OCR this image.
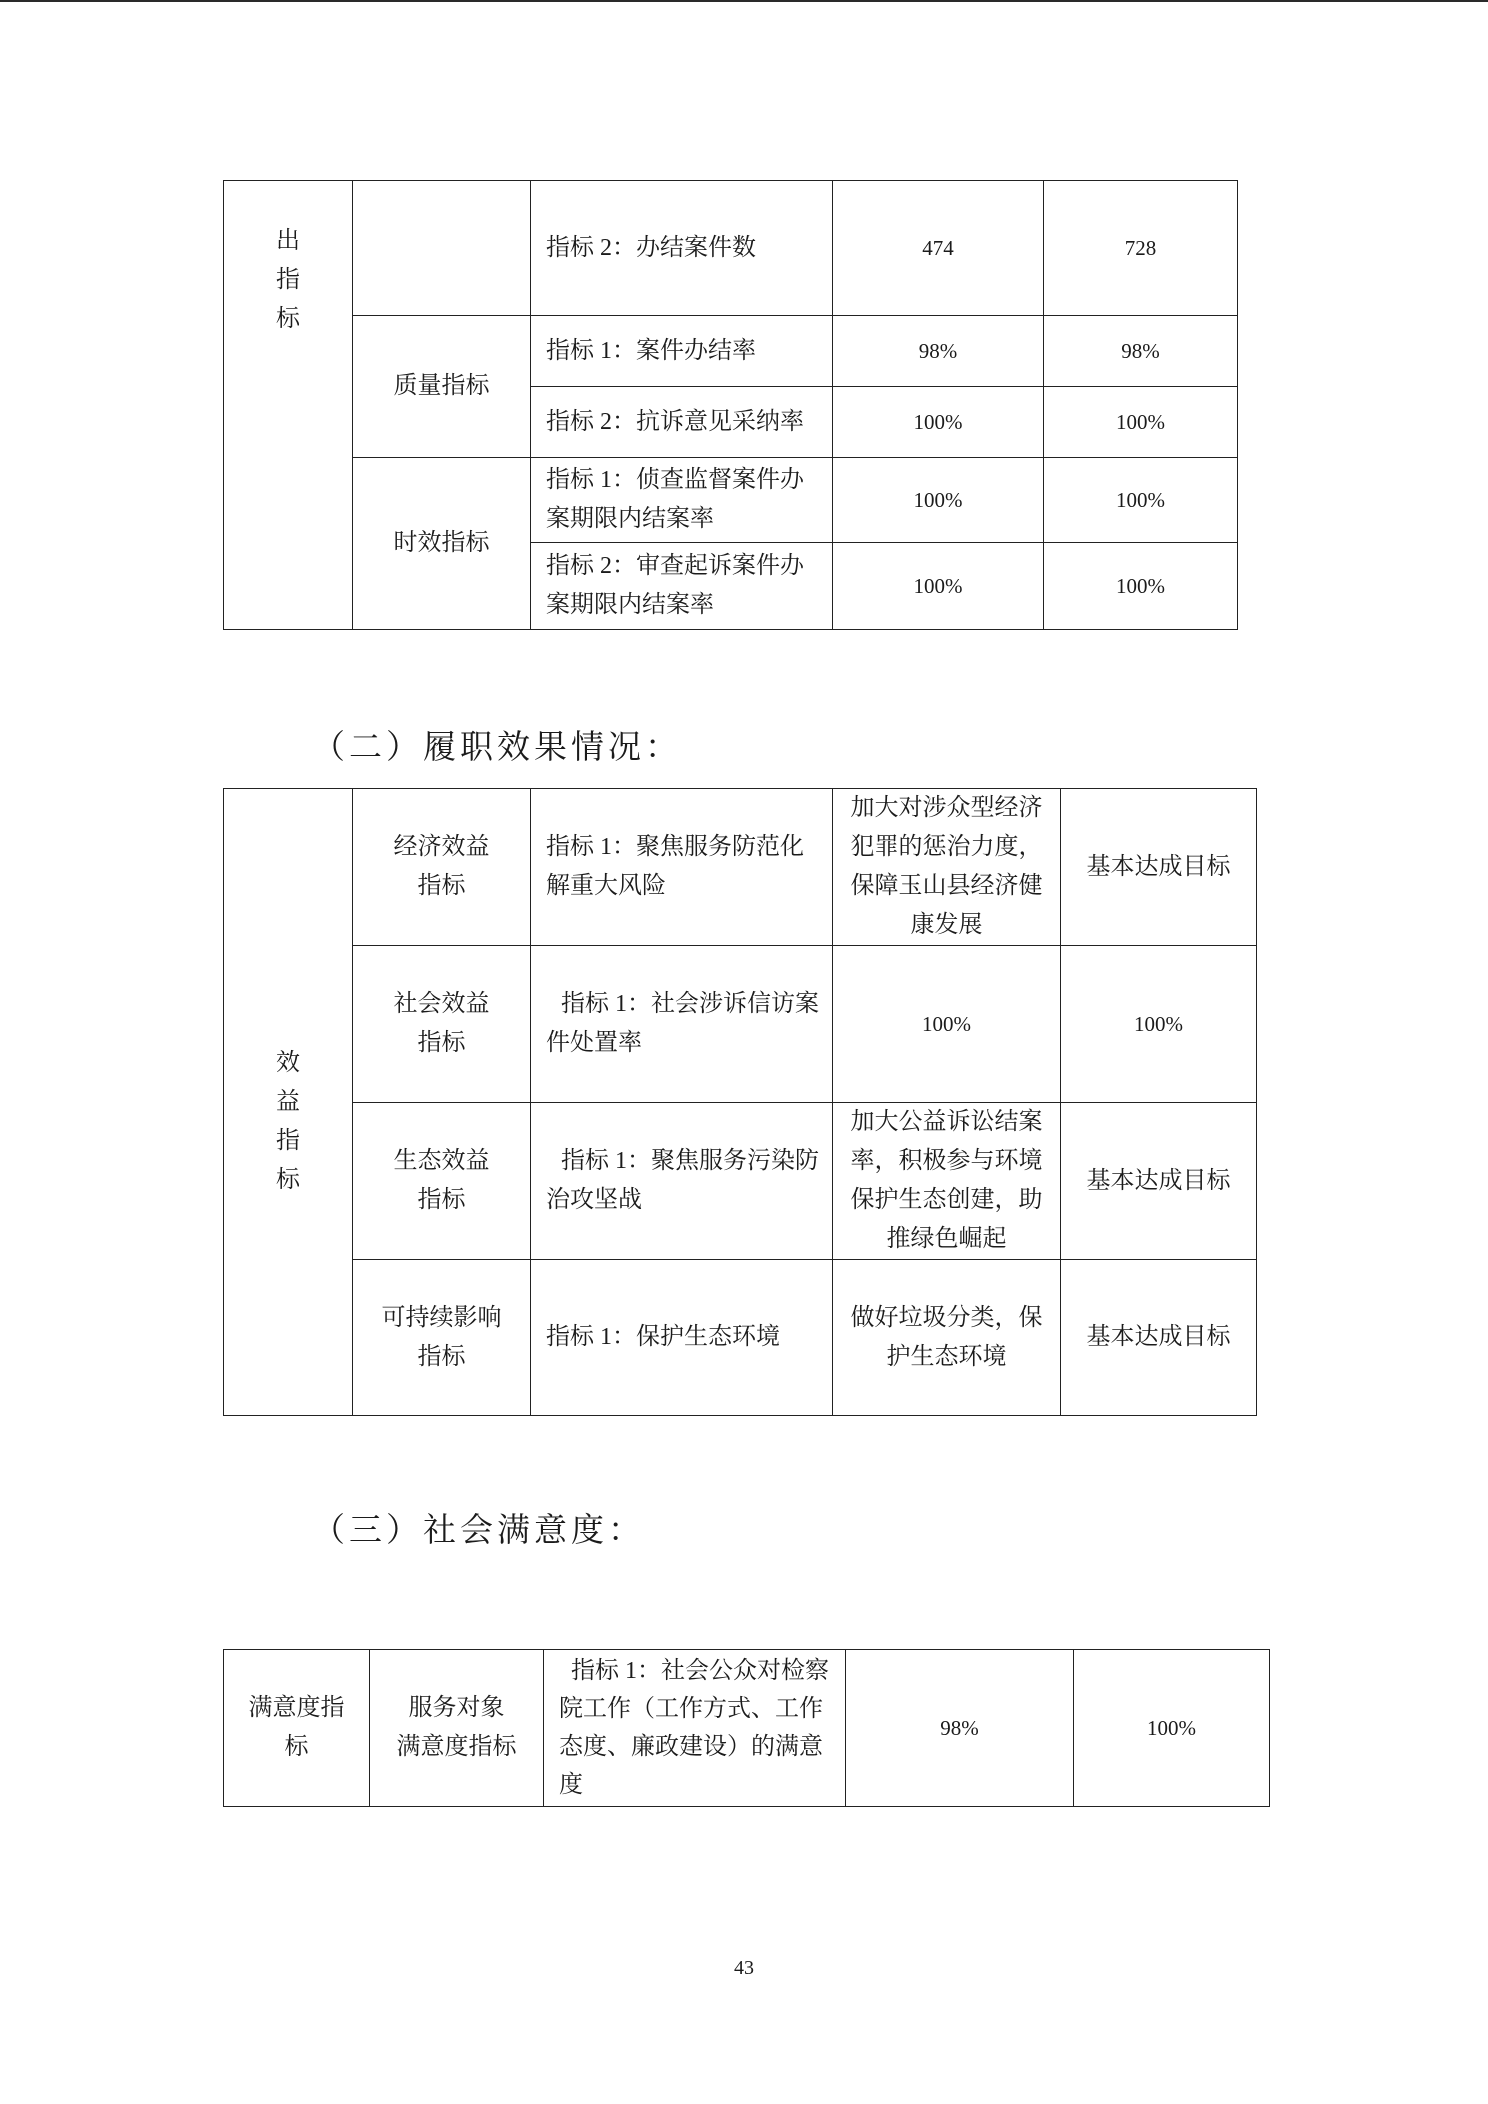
出指标		指标 2：办结案件数	474	728
	质量指标	指标 1：案件办结率	98%	98%
		指标 2：抗诉意见采纳率	100%	100%
	时效指标	指标 1：侦查监督案件办
案期限内结案率	100%	100%
		指标 2：审查起诉案件办
案期限内结案率	100%	100%
（二）履职效果情况：

效益指标	经济效益
指标	指标 1：聚焦服务防范化
解重大风险	加大对涉众型经济
犯罪的惩治力度，
保障玉山县经济健
康发展	基本达成目标
	社会效益
指标	指标 1：社会涉诉信访案
件处置率	100%	100%
	生态效益
指标	指标 1：聚焦服务污染防
治攻坚战	加大公益诉讼结案
率，积极参与环境
保护生态创建，助
推绿色崛起	基本达成目标
	可持续影响
指标	指标 1：保护生态环境	做好垃圾分类，保
护生态环境	基本达成目标
（三）社会满意度：
满意度指
标	服务对象
满意度指标	指标 1：社会公众对检察
院工作（工作方式、工作
态度、廉政建设）的满意
度	98%	100%
43
